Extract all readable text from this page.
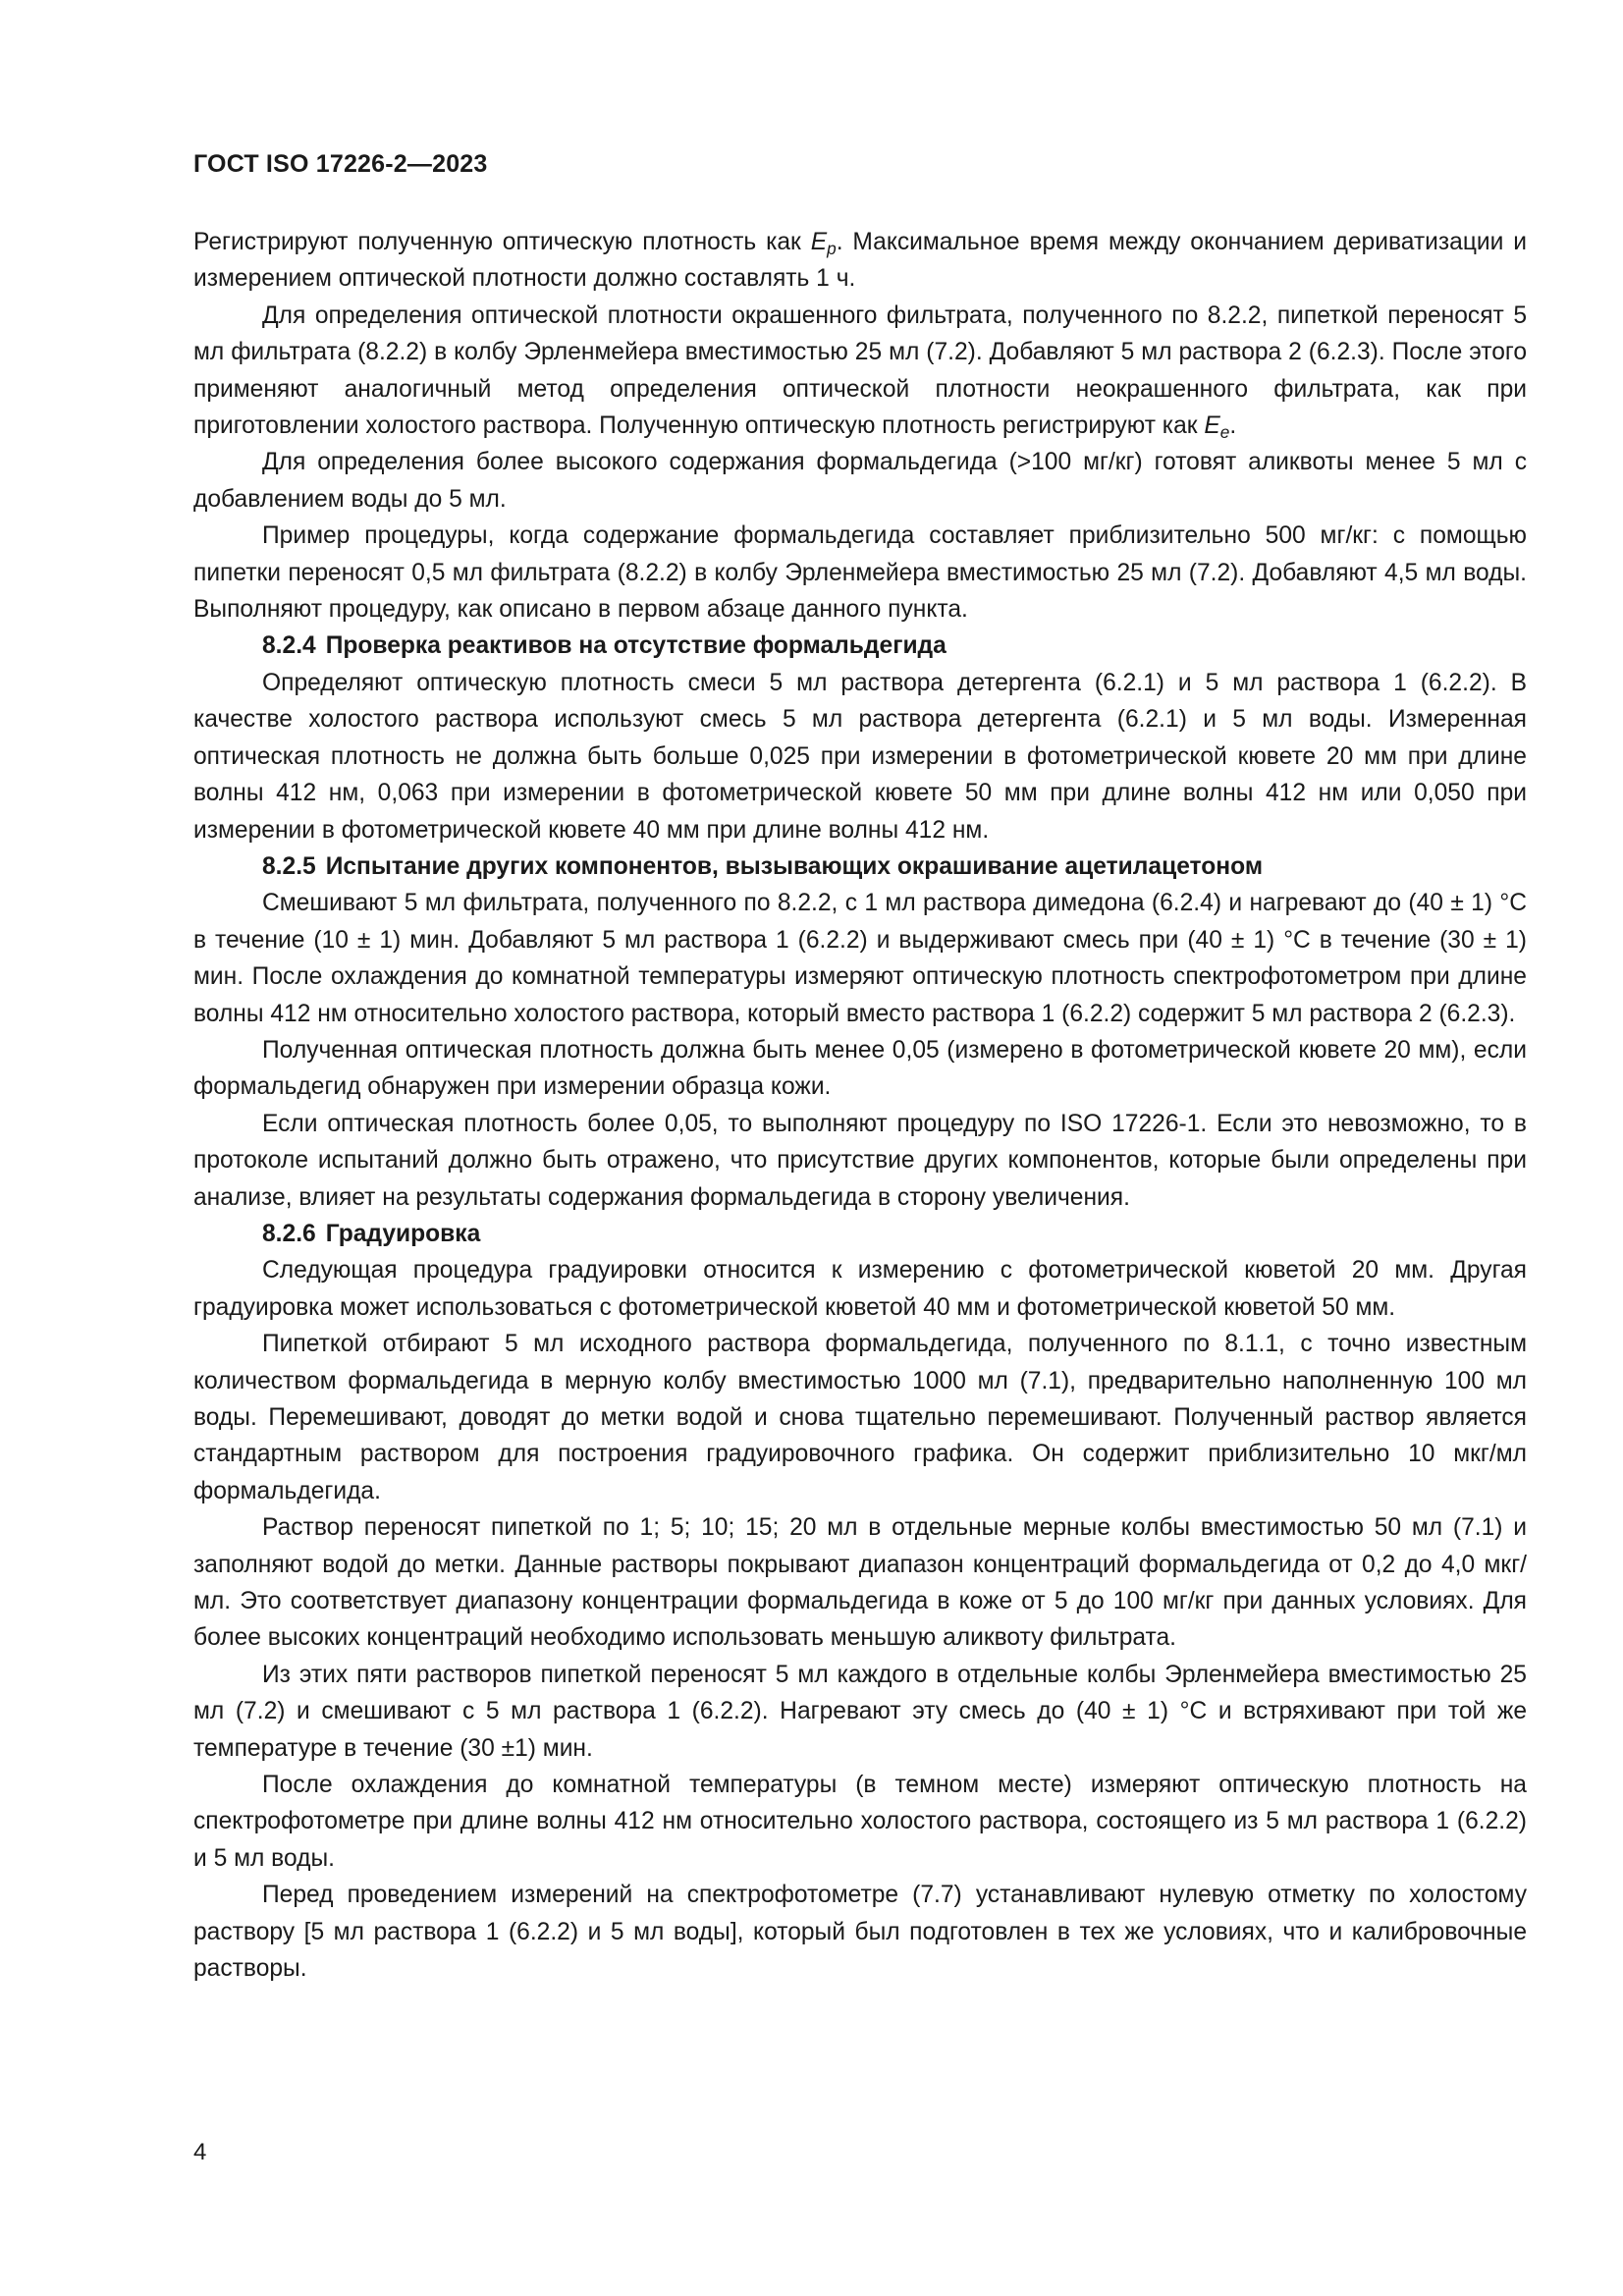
ГОСТ ISO 17226-2—2023

Регистрируют полученную оптическую плотность как $E_p$. Максимальное время между окончанием дериватизации и измерением оптической плотности должно составлять 1 ч.

Для определения оптической плотности окрашенного фильтрата, полученного по 8.2.2, пипеткой переносят 5 мл фильтрата (8.2.2) в колбу Эрленмейера вместимостью 25 мл (7.2). Добавляют 5 мл раствора 2 (6.2.3). После этого применяют аналогичный метод определения оптической плотности неокрашенного фильтрата, как при приготовлении холостого раствора. Полученную оптическую плотность регистрируют как $E_e$.

Для определения более высокого содержания формальдегида (>100 мг/кг) готовят аликвоты менее 5 мл с добавлением воды до 5 мл.

Пример процедуры, когда содержание формальдегида составляет приблизительно 500 мг/кг: с помощью пипетки переносят 0,5 мл фильтрата (8.2.2) в колбу Эрленмейера вместимостью 25 мл (7.2). Добавляют 4,5 мл воды. Выполняют процедуру, как описано в первом абзаце данного пункта.

8.2.4 Проверка реактивов на отсутствие формальдегида

Определяют оптическую плотность смеси 5 мл раствора детергента (6.2.1) и 5 мл раствора 1 (6.2.2). В качестве холостого раствора используют смесь 5 мл раствора детергента (6.2.1) и 5 мл воды. Измеренная оптическая плотность не должна быть больше 0,025 при измерении в фотометрической кювете 20 мм при длине волны 412 нм, 0,063 при измерении в фотометрической кювете 50 мм при длине волны 412 нм или 0,050 при измерении в фотометрической кювете 40 мм при длине волны 412 нм.

8.2.5 Испытание других компонентов, вызывающих окрашивание ацетилацетоном

Смешивают 5 мл фильтрата, полученного по 8.2.2, с 1 мл раствора димедона (6.2.4) и нагревают до (40 ± 1) °С в течение (10 ± 1) мин. Добавляют 5 мл раствора 1 (6.2.2) и выдерживают смесь при (40 ± 1) °С в течение (30 ± 1) мин. После охлаждения до комнатной температуры измеряют оптическую плотность спектрофотометром при длине волны 412 нм относительно холостого раствора, который вместо раствора 1 (6.2.2) содержит 5 мл раствора 2 (6.2.3).

Полученная оптическая плотность должна быть менее 0,05 (измерено в фотометрической кювете 20 мм), если формальдегид обнаружен при измерении образца кожи.

Если оптическая плотность более 0,05, то выполняют процедуру по ISO 17226-1. Если это невозможно, то в протоколе испытаний должно быть отражено, что присутствие других компонентов, которые были определены при анализе, влияет на результаты содержания формальдегида в сторону увеличения.

8.2.6 Градуировка

Следующая процедура градуировки относится к измерению с фотометрической кюветой 20 мм. Другая градуировка может использоваться с фотометрической кюветой 40 мм и фотометрической кюветой 50 мм.

Пипеткой отбирают 5 мл исходного раствора формальдегида, полученного по 8.1.1, с точно известным количеством формальдегида в мерную колбу вместимостью 1000 мл (7.1), предварительно наполненную 100 мл воды. Перемешивают, доводят до метки водой и снова тщательно перемешивают. Полученный раствор является стандартным раствором для построения градуировочного графика. Он содержит приблизительно 10 мкг/мл формальдегида.

Раствор переносят пипеткой по 1; 5; 10; 15; 20 мл в отдельные мерные колбы вместимостью 50 мл (7.1) и заполняют водой до метки. Данные растворы покрывают диапазон концентраций формальдегида от 0,2 до 4,0 мкг/мл. Это соответствует диапазону концентрации формальдегида в коже от 5 до 100 мг/кг при данных условиях. Для более высоких концентраций необходимо использовать меньшую аликвоту фильтрата.

Из этих пяти растворов пипеткой переносят 5 мл каждого в отдельные колбы Эрленмейера вместимостью 25 мл (7.2) и смешивают с 5 мл раствора 1 (6.2.2). Нагревают эту смесь до (40 ± 1) °С и встряхивают при той же температуре в течение (30 ±1) мин.

После охлаждения до комнатной температуры (в темном месте) измеряют оптическую плотность на спектрофотометре при длине волны 412 нм относительно холостого раствора, состоящего из 5 мл раствора 1 (6.2.2) и 5 мл воды.

Перед проведением измерений на спектрофотометре (7.7) устанавливают нулевую отметку по холостому раствору [5 мл раствора 1 (6.2.2) и 5 мл воды], который был подготовлен в тех же условиях, что и калибровочные растворы.

4
